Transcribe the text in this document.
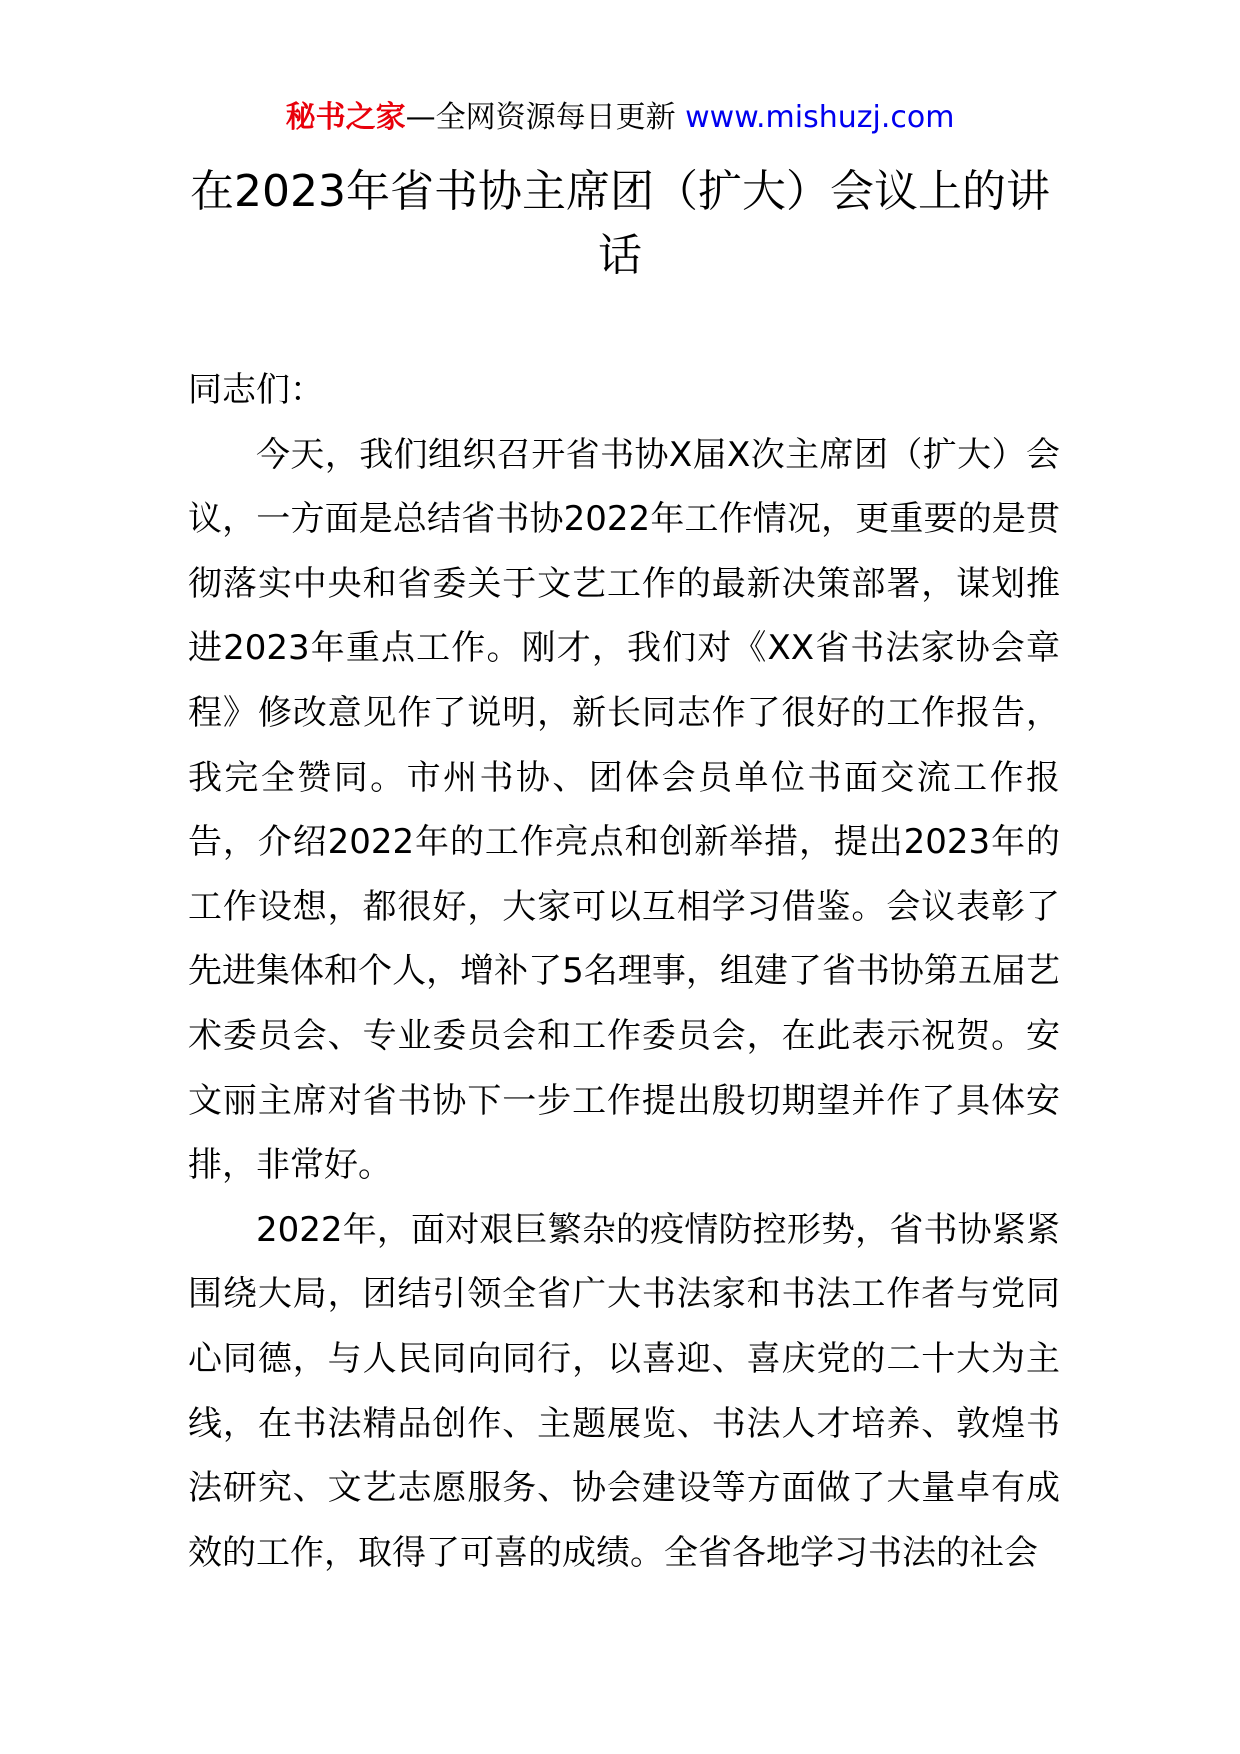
秘书之家—全网资源每日更新 www.mishuzj.com
在2023年省书协主席团（扩大）会议上的讲话

同志们：

今天，我们组织召开省书协X届X次主席团（扩大）会议，一方面是总结省书协2022年工作情况，更重要的是贯彻落实中央和省委关于文艺工作的最新决策部署，谋划推进2023年重点工作。刚才，我们对《XX省书法家协会章程》修改意见作了说明，新长同志作了很好的工作报告，我完全赞同。市州书协、团体会员单位书面交流工作报告，介绍2022年的工作亮点和创新举措，提出2023年的工作设想，都很好，大家可以互相学习借鉴。会议表彰了先进集体和个人，增补了5名理事，组建了省书协第五届艺术委员会、专业委员会和工作委员会，在此表示祝贺。安文丽主席对省书协下一步工作提出殷切期望并作了具体安排，非常好。

2022年，面对艰巨繁杂的疫情防控形势，省书协紧紧围绕大局，团结引领全省广大书法家和书法工作者与党同心同德，与人民同向同行，以喜迎、喜庆党的二十大为主线，在书法精品创作、主题展览、书法人才培养、敦煌书法研究、文艺志愿服务、协会建设等方面做了大量卓有成效的工作，取得了可喜的成绩。全省各地学习书法的社会
